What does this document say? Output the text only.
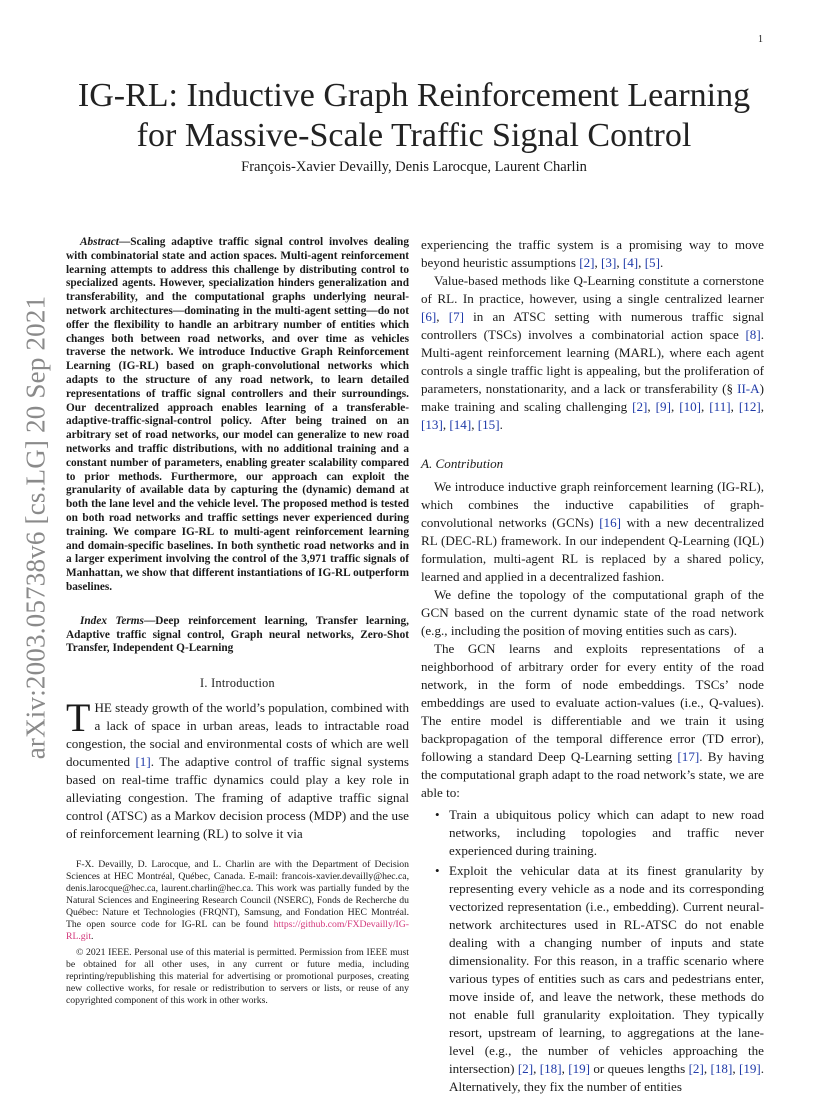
1
arXiv:2003.05738v6 [cs.LG] 20 Sep 2021
IG-RL: Inductive Graph Reinforcement Learning
for Massive-Scale Traffic Signal Control
François-Xavier Devailly, Denis Larocque, Laurent Charlin

Abstract—Scaling adaptive traffic signal control involves dealing with combinatorial state and action spaces. Multi-agent reinforcement learning attempts to address this challenge by distributing control to specialized agents. However, specialization hinders generalization and transferability, and the computational graphs underlying neural-network architectures—dominating in the multi-agent setting—do not offer the flexibility to handle an arbitrary number of entities which changes both between road networks, and over time as vehicles traverse the network. We introduce Inductive Graph Reinforcement Learning (IG-RL) based on graph-convolutional networks which adapts to the structure of any road network, to learn detailed representations of traffic signal controllers and their surroundings. Our decentralized approach enables learning of a transferable-adaptive-traffic-signal-control policy. After being trained on an arbitrary set of road networks, our model can generalize to new road networks and traffic distributions, with no additional training and a constant number of parameters, enabling greater scalability compared to prior methods. Furthermore, our approach can exploit the granularity of available data by capturing the (dynamic) demand at both the lane level and the vehicle level. The proposed method is tested on both road networks and traffic settings never experienced during training. We compare IG-RL to multi-agent reinforcement learning and domain-specific baselines. In both synthetic road networks and in a larger experiment involving the control of the 3,971 traffic signals of Manhattan, we show that different instantiations of IG-RL outperform baselines.

Index Terms—Deep reinforcement learning, Transfer learning, Adaptive traffic signal control, Graph neural networks, Zero-Shot Transfer, Independent Q-Learning

I. Introduction

THE steady growth of the world’s population, combined with a lack of space in urban areas, leads to intractable road congestion, the social and environmental costs of which are well documented [1]. The adaptive control of traffic signal systems based on real-time traffic dynamics could play a key role in alleviating congestion. The framing of adaptive traffic signal control (ATSC) as a Markov decision process (MDP) and the use of reinforcement learning (RL) to solve it via

F-X. Devailly, D. Larocque, and L. Charlin are with the Department of Decision Sciences at HEC Montréal, Québec, Canada. E-mail: francois-xavier.devailly@hec.ca, denis.larocque@hec.ca, laurent.charlin@hec.ca. This work was partially funded by the Natural Sciences and Engineering Research Council (NSERC), Fonds de Recherche du Québec: Nature et Technologies (FRQNT), Samsung, and Fondation HEC Montréal. The open source code for IG-RL can be found https://github.com/FXDevailly/IG-RL.git.

© 2021 IEEE. Personal use of this material is permitted. Permission from IEEE must be obtained for all other uses, in any current or future media, including reprinting/republishing this material for advertising or promotional purposes, creating new collective works, for resale or redistribution to servers or lists, or reuse of any copyrighted component of this work in other works.

experiencing the traffic system is a promising way to move beyond heuristic assumptions [2], [3], [4], [5].

Value-based methods like Q-Learning constitute a cornerstone of RL. In practice, however, using a single centralized learner [6], [7] in an ATSC setting with numerous traffic signal controllers (TSCs) involves a combinatorial action space [8]. Multi-agent reinforcement learning (MARL), where each agent controls a single traffic light is appealing, but the proliferation of parameters, nonstationarity, and a lack or transferability (§ II-A) make training and scaling challenging [2], [9], [10], [11], [12], [13], [14], [15].

A. Contribution

We introduce inductive graph reinforcement learning (IG-RL), which combines the inductive capabilities of graph-convolutional networks (GCNs) [16] with a new decentralized RL (DEC-RL) framework. In our independent Q-Learning (IQL) formulation, multi-agent RL is replaced by a shared policy, learned and applied in a decentralized fashion.

We define the topology of the computational graph of the GCN based on the current dynamic state of the road network (e.g., including the position of moving entities such as cars).

The GCN learns and exploits representations of a neighborhood of arbitrary order for every entity of the road network, in the form of node embeddings. TSCs’ node embeddings are used to evaluate action-values (i.e., Q-values). The entire model is differentiable and we train it using backpropagation of the temporal difference error (TD error), following a standard Deep Q-Learning setting [17]. By having the computational graph adapt to the road network’s state, we are able to:

• Train a ubiquitous policy which can adapt to new road networks, including topologies and traffic never experienced during training.
• Exploit the vehicular data at its finest granularity by representing every vehicle as a node and its corresponding vectorized representation (i.e., embedding). Current neural-network architectures used in RL-ATSC do not enable dealing with a changing number of inputs and state dimensionality. For this reason, in a traffic scenario where various types of entities such as cars and pedestrians enter, move inside of, and leave the network, these methods do not enable full granularity exploitation. They typically resort, upstream of learning, to aggregations at the lane-level (e.g., the number of vehicles approaching the intersection) [2], [18], [19] or queues lengths [2], [18], [19]. Alternatively, they fix the number of entities
